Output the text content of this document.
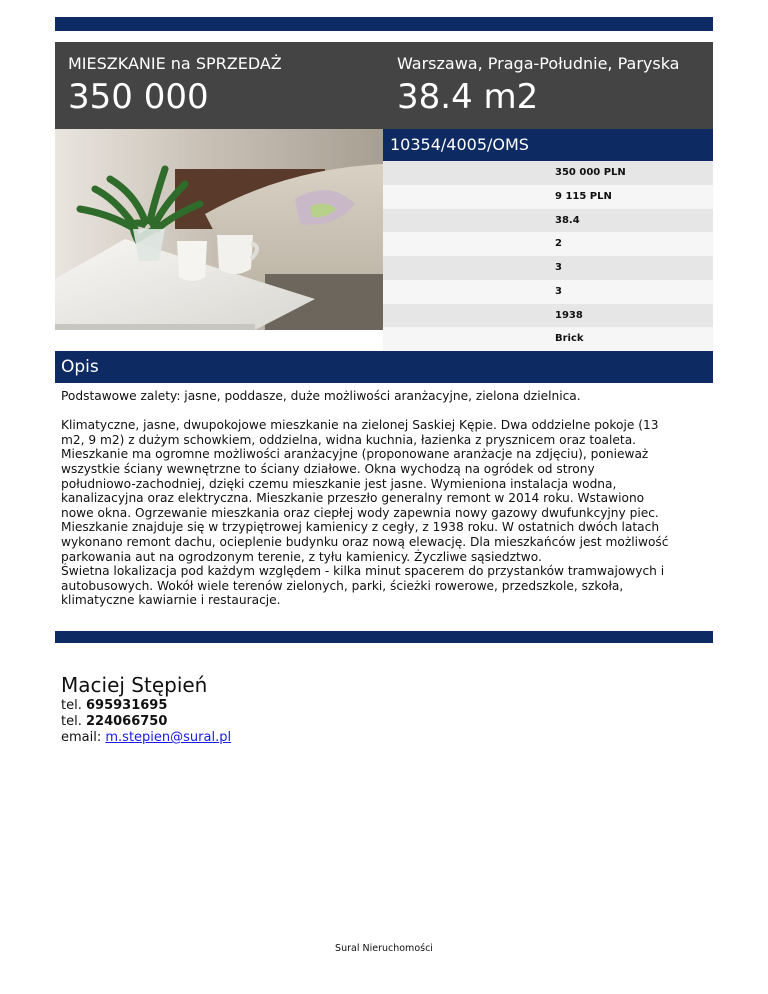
MIESZKANIE na SPRZEDAŻ
350 000
Warszawa, Praga-Południe, Paryska
38.4 m2
10354/4005/OMS
350 000 PLN
9 115 PLN
38.4
2
3
3
1938
Brick
Opis

Podstawowe zalety: jasne, poddasze, duże możliwości aranżacyjne, zielona dzielnica.

Klimatyczne, jasne, dwupokojowe mieszkanie na zielonej Saskiej Kępie. Dwa oddzielne pokoje (13
m2, 9 m2) z dużym schowkiem, oddzielna, widna kuchnia, łazienka z prysznicem oraz toaleta.
Mieszkanie ma ogromne możliwości aranżacyjne (proponowane aranżacje na zdjęciu), ponieważ
wszystkie ściany wewnętrzne to ściany działowe. Okna wychodzą na ogródek od strony
południowo-zachodniej, dzięki czemu mieszkanie jest jasne. Wymieniona instalacja wodna,
kanalizacyjna oraz elektryczna. Mieszkanie przeszło generalny remont w 2014 roku. Wstawiono
nowe okna. Ogrzewanie mieszkania oraz ciepłej wody zapewnia nowy gazowy dwufunkcyjny piec.
Mieszkanie znajduje się w trzypiętrowej kamienicy z cegły, z 1938 roku. W ostatnich dwóch latach
wykonano remont dachu, ocieplenie budynku oraz nową elewację. Dla mieszkańców jest możliwość
parkowania aut na ogrodzonym terenie, z tyłu kamienicy. Życzliwe sąsiedztwo.
Świetna lokalizacja pod każdym względem - kilka minut spacerem do przystanków tramwajowych i
autobusowych. Wokół wiele terenów zielonych, parki, ścieżki rowerowe, przedszkole, szkoła,
klimatyczne kawiarnie i restauracje.
Maciej Stępień
tel. 695931695
tel. 224066750
email: m.stepien@sural.pl
Sural Nieruchomości
